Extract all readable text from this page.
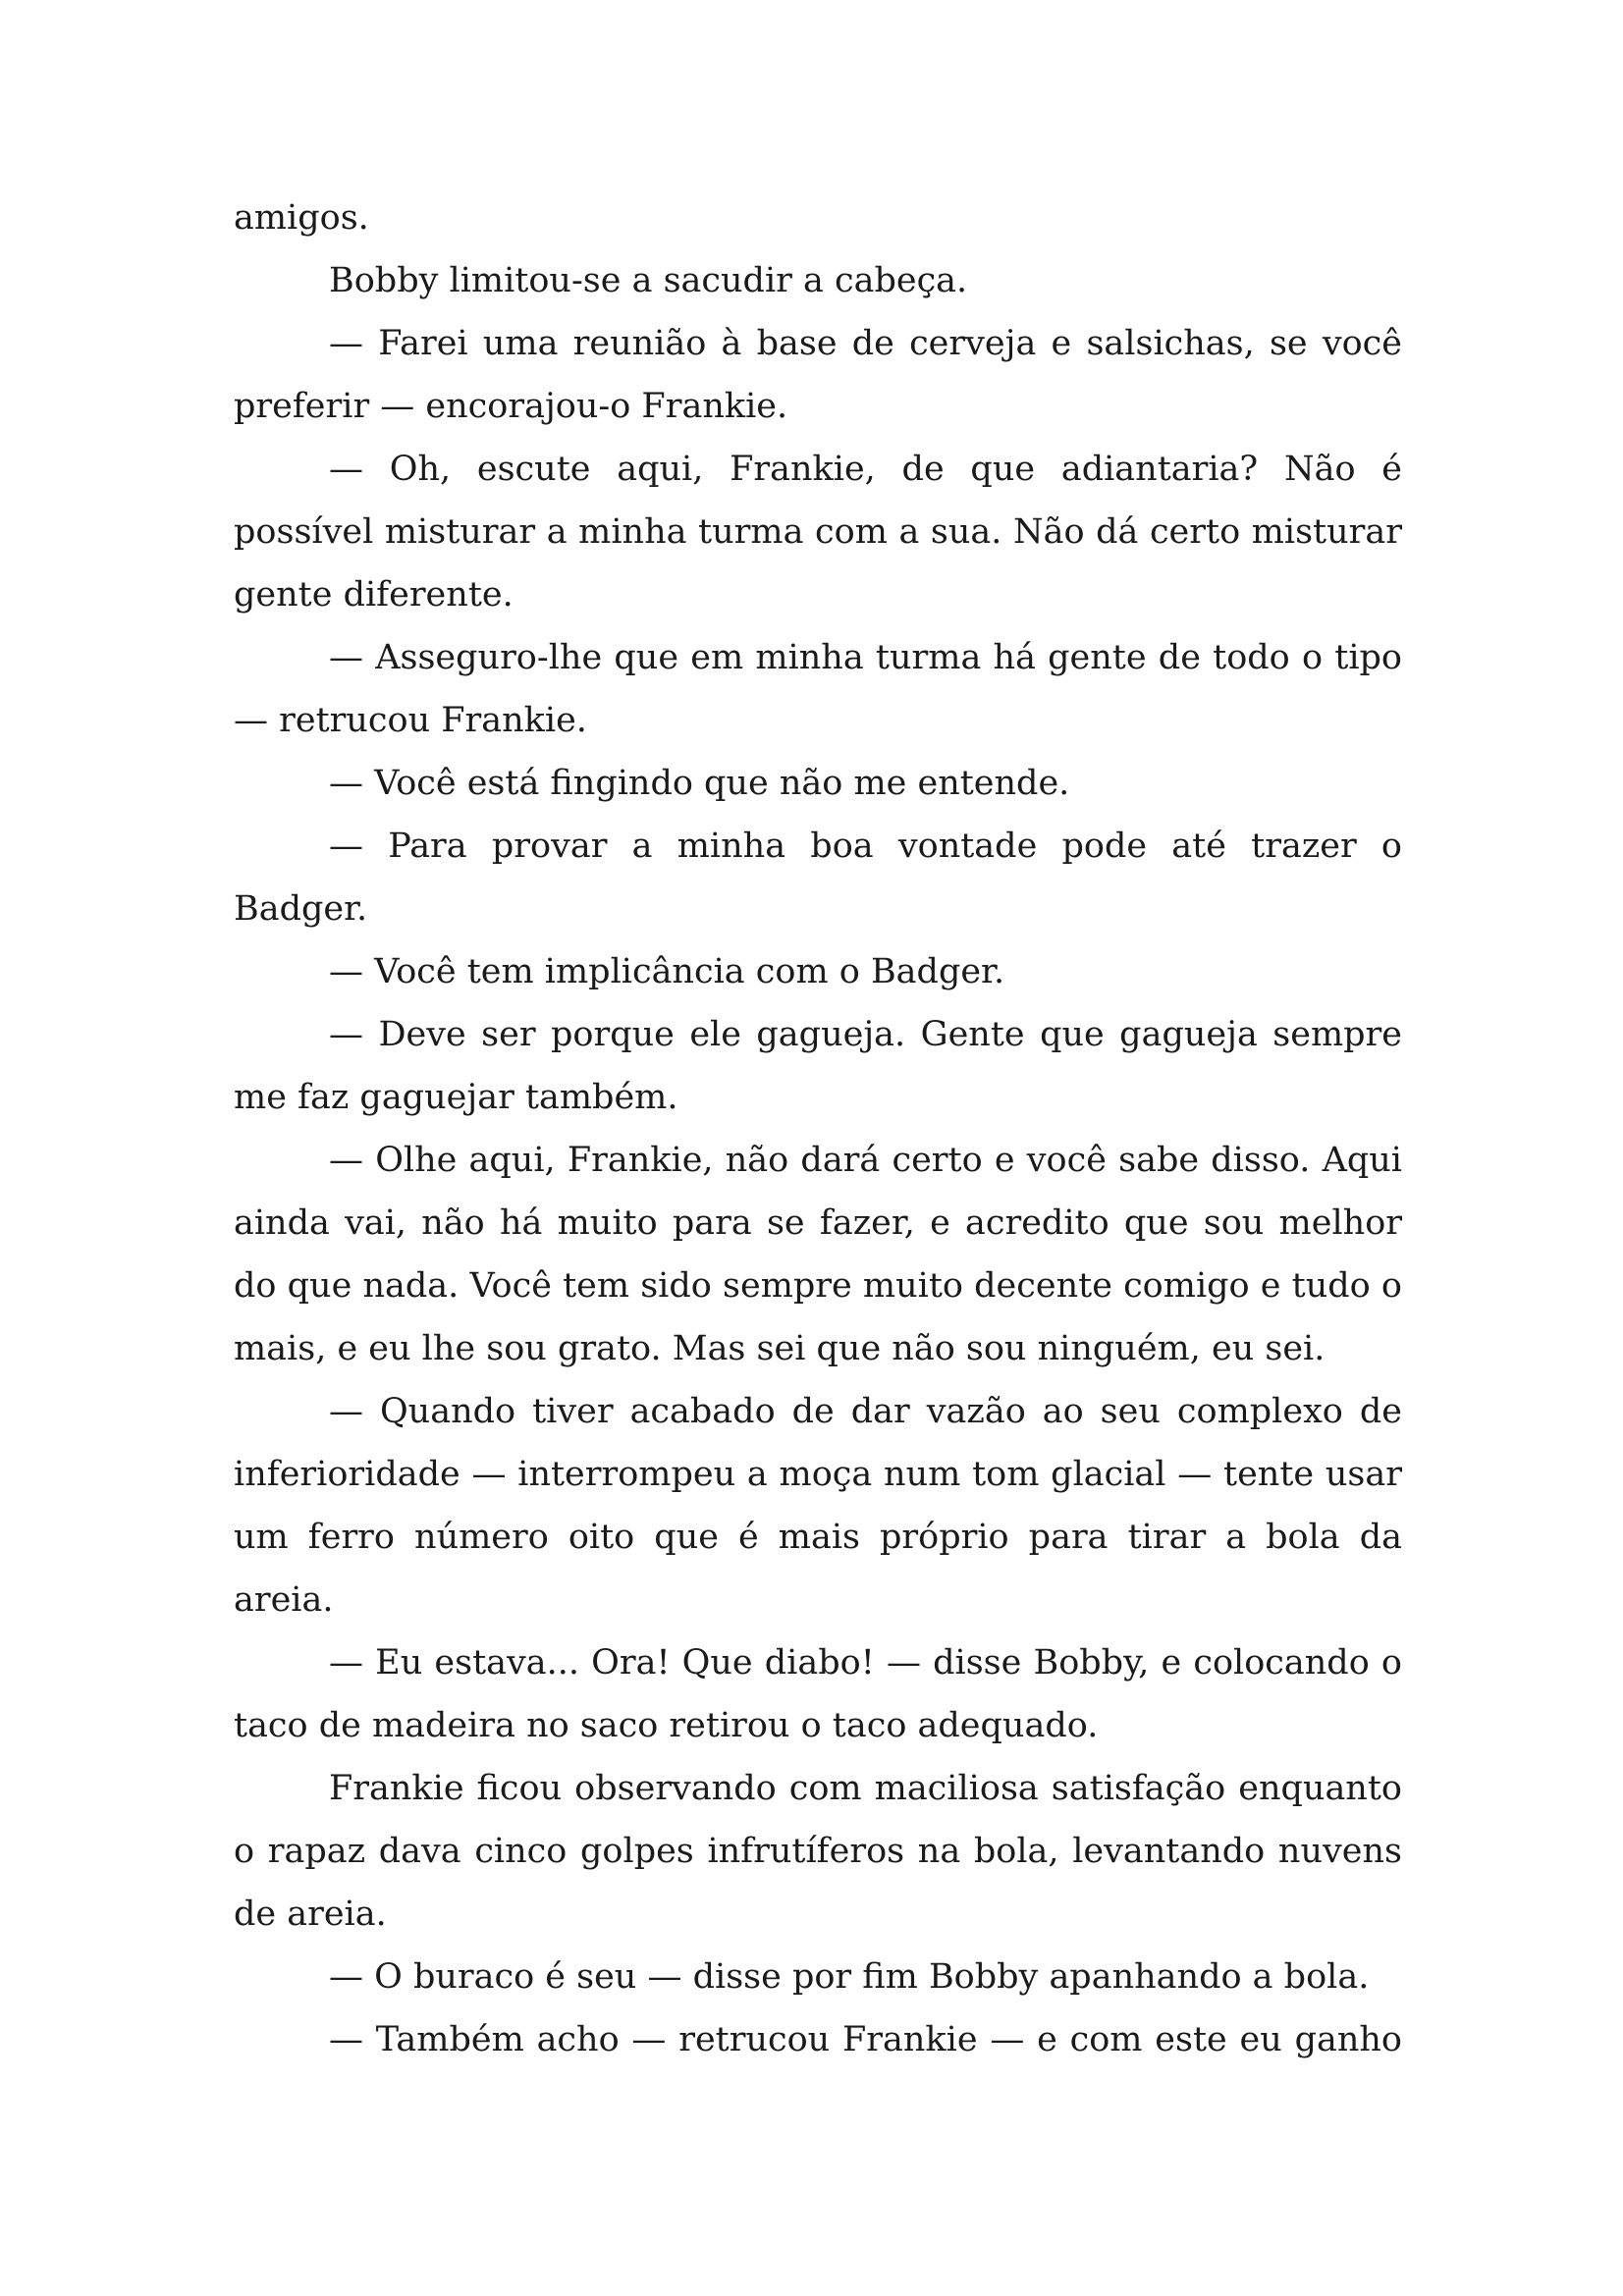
amigos.

Bobby limitou-se a sacudir a cabeça.

— Farei uma reunião à base de cerveja e salsichas, se você preferir — encorajou-o Frankie.

— Oh, escute aqui, Frankie, de que adiantaria? Não é possível misturar a minha turma com a sua. Não dá certo misturar gente diferente.

— Asseguro-lhe que em minha turma há gente de todo o tipo — retrucou Frankie.

— Você está fingindo que não me entende.

— Para provar a minha boa vontade pode até trazer o Badger.

— Você tem implicância com o Badger.

— Deve ser porque ele gagueja. Gente que gagueja sempre me faz gaguejar também.

— Olhe aqui, Frankie, não dará certo e você sabe disso. Aqui ainda vai, não há muito para se fazer, e acredito que sou melhor do que nada. Você tem sido sempre muito decente comigo e tudo o mais, e eu lhe sou grato. Mas sei que não sou ninguém, eu sei.

— Quando tiver acabado de dar vazão ao seu complexo de inferioridade — interrompeu a moça num tom glacial — tente usar um ferro número oito que é mais próprio para tirar a bola da areia.

— Eu estava... Ora! Que diabo! — disse Bobby, e colocando o taco de madeira no saco retirou o taco adequado.

Frankie ficou observando com maciliosa satisfação enquanto o rapaz dava cinco golpes infrutíferos na bola, levantando nuvens de areia.

— O buraco é seu — disse por fim Bobby apanhando a bola.

— Também acho — retrucou Frankie — e com este eu ganho
